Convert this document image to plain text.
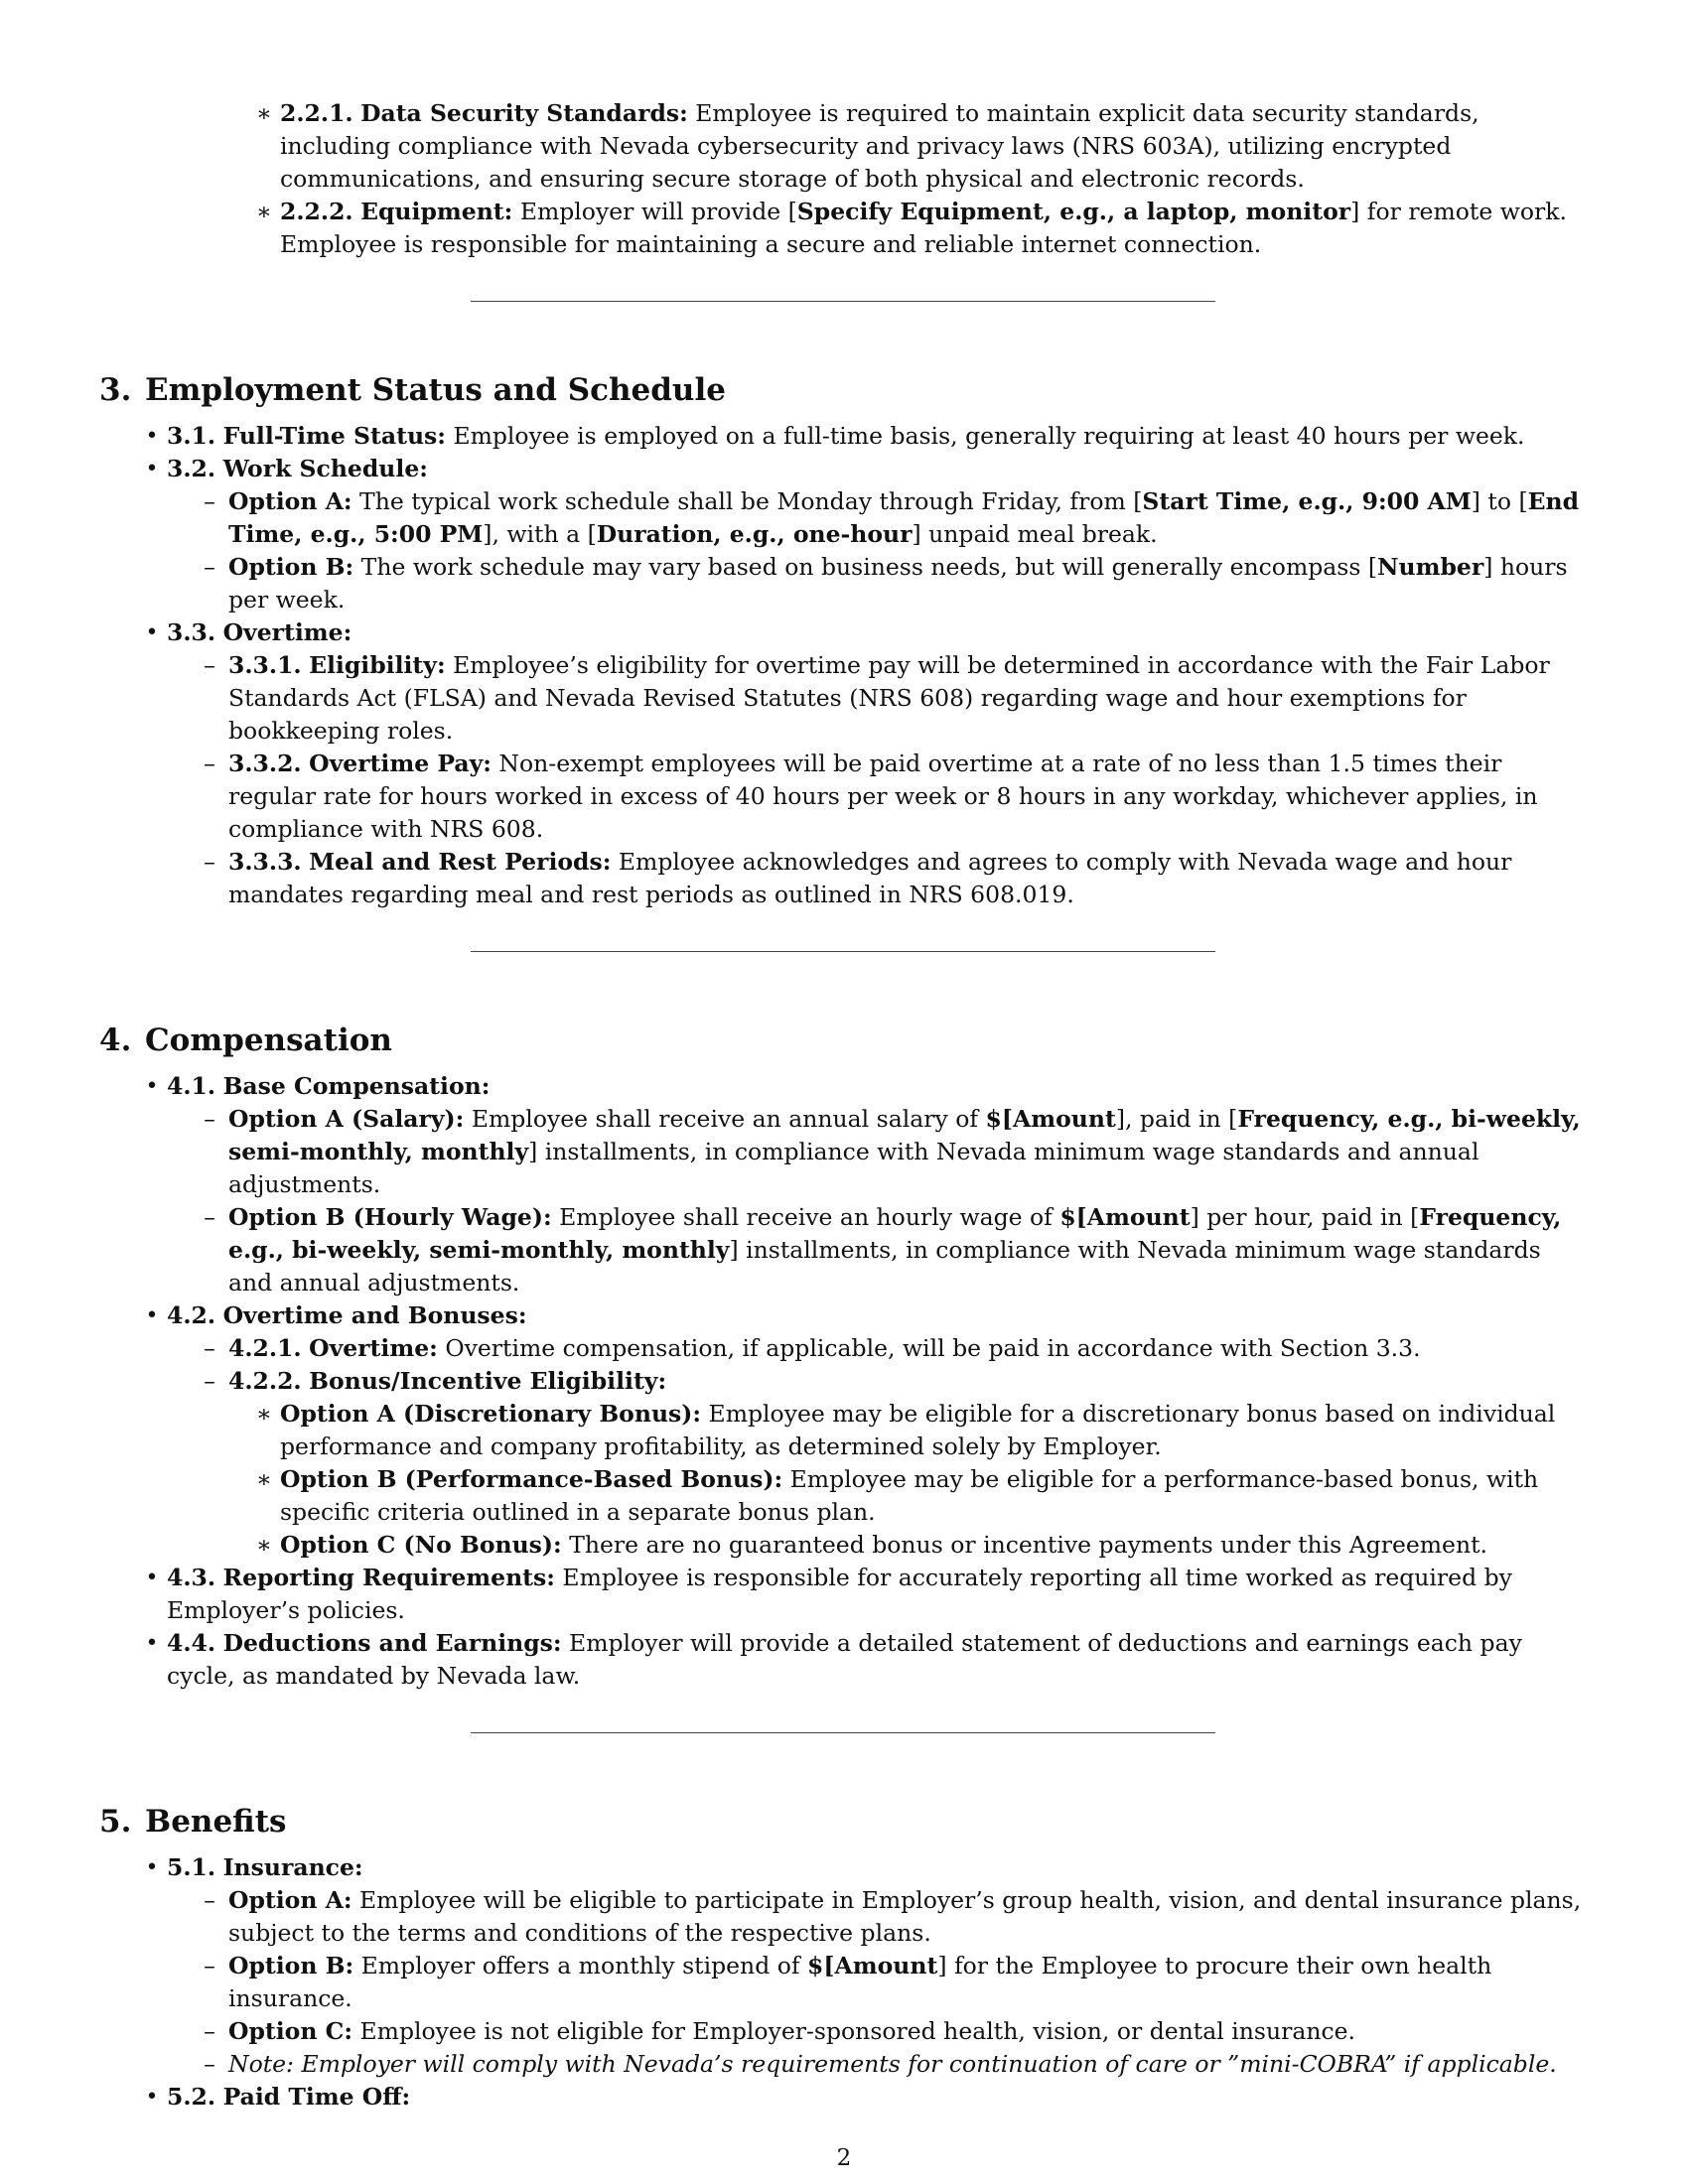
∗ 2.2.1. Data Security Standards: Employee is required to maintain explicit data security standards, including compliance with Nevada cybersecurity and privacy laws (NRS 603A), utilizing encrypted communications, and ensuring secure storage of both physical and electronic records.

∗ 2.2.2. Equipment: Employer will provide [Specify Equipment, e.g., a laptop, monitor] for remote work. Employee is responsible for maintaining a secure and reliable internet connection.

3. Employment Status and Schedule

• 3.1. Full-Time Status: Employee is employed on a full-time basis, generally requiring at least 40 hours per week.

• 3.2. Work Schedule:

– Option A: The typical work schedule shall be Monday through Friday, from [Start Time, e.g., 9:00 AM] to [End Time, e.g., 5:00 PM], with a [Duration, e.g., one-hour] unpaid meal break.

– Option B: The work schedule may vary based on business needs, but will generally encompass [Number] hours per week.

• 3.3. Overtime:

– 3.3.1. Eligibility: Employee’s eligibility for overtime pay will be determined in accordance with the Fair Labor Standards Act (FLSA) and Nevada Revised Statutes (NRS 608) regarding wage and hour exemptions for bookkeeping roles.

– 3.3.2. Overtime Pay: Non-exempt employees will be paid overtime at a rate of no less than 1.5 times their regular rate for hours worked in excess of 40 hours per week or 8 hours in any workday, whichever applies, in compliance with NRS 608.

– 3.3.3. Meal and Rest Periods: Employee acknowledges and agrees to comply with Nevada wage and hour mandates regarding meal and rest periods as outlined in NRS 608.019.

4. Compensation

• 4.1. Base Compensation:

– Option A (Salary): Employee shall receive an annual salary of $[Amount], paid in [Frequency, e.g., bi-weekly, semi-monthly, monthly] installments, in compliance with Nevada minimum wage standards and annual adjustments.

– Option B (Hourly Wage): Employee shall receive an hourly wage of $[Amount] per hour, paid in [Frequency, e.g., bi-weekly, semi-monthly, monthly] installments, in compliance with Nevada minimum wage standards and annual adjustments.

• 4.2. Overtime and Bonuses:

– 4.2.1. Overtime: Overtime compensation, if applicable, will be paid in accordance with Section 3.3.

– 4.2.2. Bonus/Incentive Eligibility:

∗ Option A (Discretionary Bonus): Employee may be eligible for a discretionary bonus based on individual performance and company profitability, as determined solely by Employer.

∗ Option B (Performance-Based Bonus): Employee may be eligible for a performance-based bonus, with specific criteria outlined in a separate bonus plan.

∗ Option C (No Bonus): There are no guaranteed bonus or incentive payments under this Agreement.

• 4.3. Reporting Requirements: Employee is responsible for accurately reporting all time worked as required by Employer’s policies.

• 4.4. Deductions and Earnings: Employer will provide a detailed statement of deductions and earnings each pay cycle, as mandated by Nevada law.

5. Benefits

• 5.1. Insurance:

– Option A: Employee will be eligible to participate in Employer’s group health, vision, and dental insurance plans, subject to the terms and conditions of the respective plans.

– Option B: Employer offers a monthly stipend of $[Amount] for the Employee to procure their own health insurance.

– Option C: Employee is not eligible for Employer-sponsored health, vision, or dental insurance.

– Note: Employer will comply with Nevada’s requirements for continuation of care or ”mini-COBRA” if applicable.

• 5.2. Paid Time Off:

2
